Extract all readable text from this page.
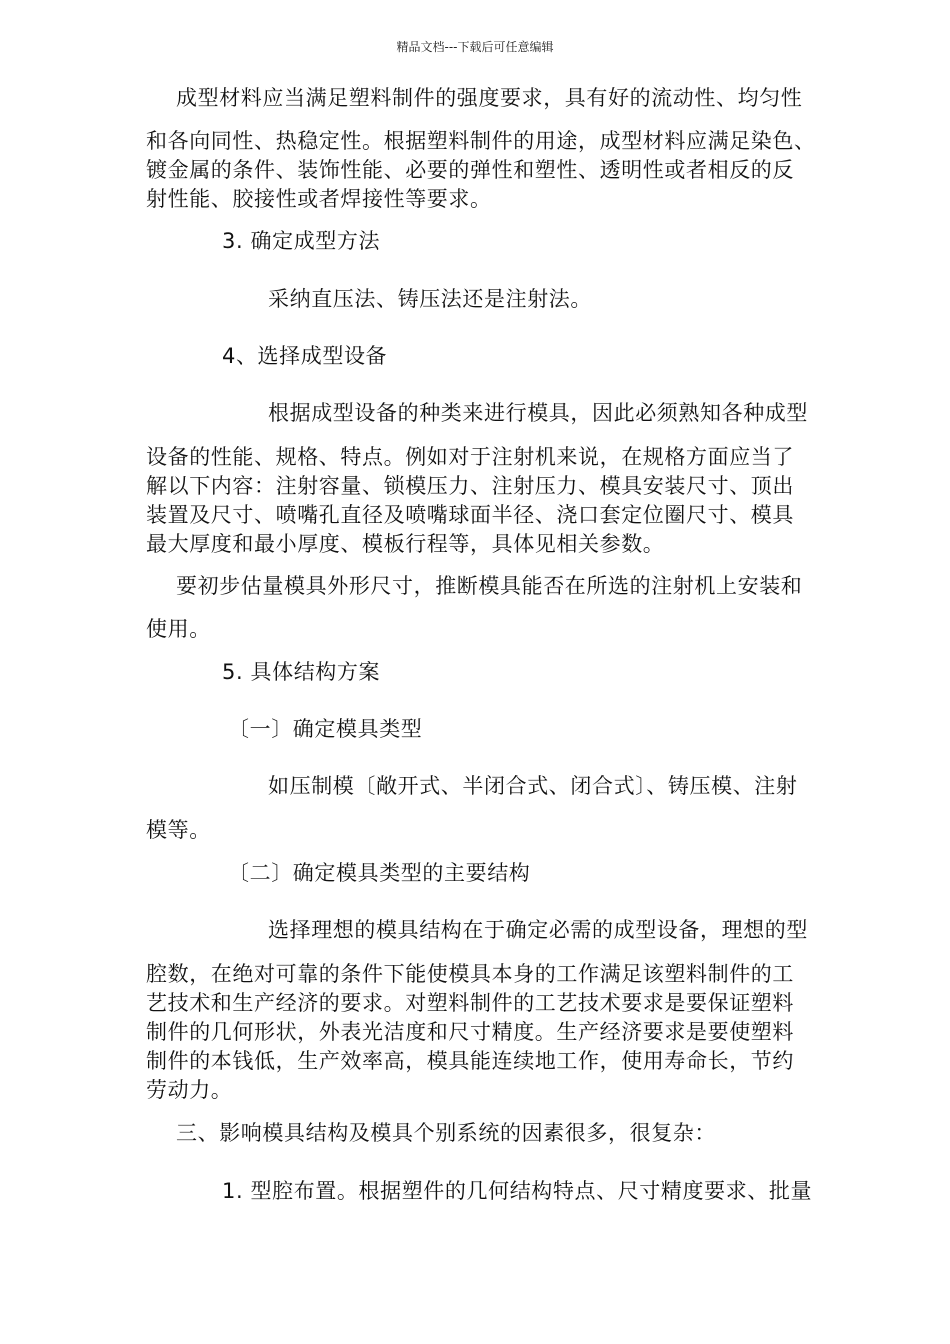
精品文档---下载后可任意编辑
成型材料应当满足塑料制件的强度要求，具有好的流动性、均匀性
和各向同性、热稳定性。根据塑料制件的用途，成型材料应满足染色、
镀金属的条件、装饰性能、必要的弹性和塑性、透明性或者相反的反
射性能、胶接性或者焊接性等要求。
3. 确定成型方法
采纳直压法、铸压法还是注射法。
4、选择成型设备
根据成型设备的种类来进行模具，因此必须熟知各种成型
设备的性能、规格、特点。例如对于注射机来说，在规格方面应当了
解以下内容：注射容量、锁模压力、注射压力、模具安装尺寸、顶出
装置及尺寸、喷嘴孔直径及喷嘴球面半径、浇口套定位圈尺寸、模具
最大厚度和最小厚度、模板行程等，具体见相关参数。
要初步估量模具外形尺寸，推断模具能否在所选的注射机上安装和
使用。
5. 具体结构方案
〔一〕确定模具类型
如压制模〔敞开式、半闭合式、闭合式〕、铸压模、注射
模等。
〔二〕确定模具类型的主要结构
选择理想的模具结构在于确定必需的成型设备，理想的型
腔数，在绝对可靠的条件下能使模具本身的工作满足该塑料制件的工
艺技术和生产经济的要求。对塑料制件的工艺技术要求是要保证塑料
制件的几何形状，外表光洁度和尺寸精度。生产经济要求是要使塑料
制件的本钱低，生产效率高，模具能连续地工作，使用寿命长，节约
劳动力。
三、影响模具结构及模具个别系统的因素很多，很复杂：
1. 型腔布置。根据塑件的几何结构特点、尺寸精度要求、批量
